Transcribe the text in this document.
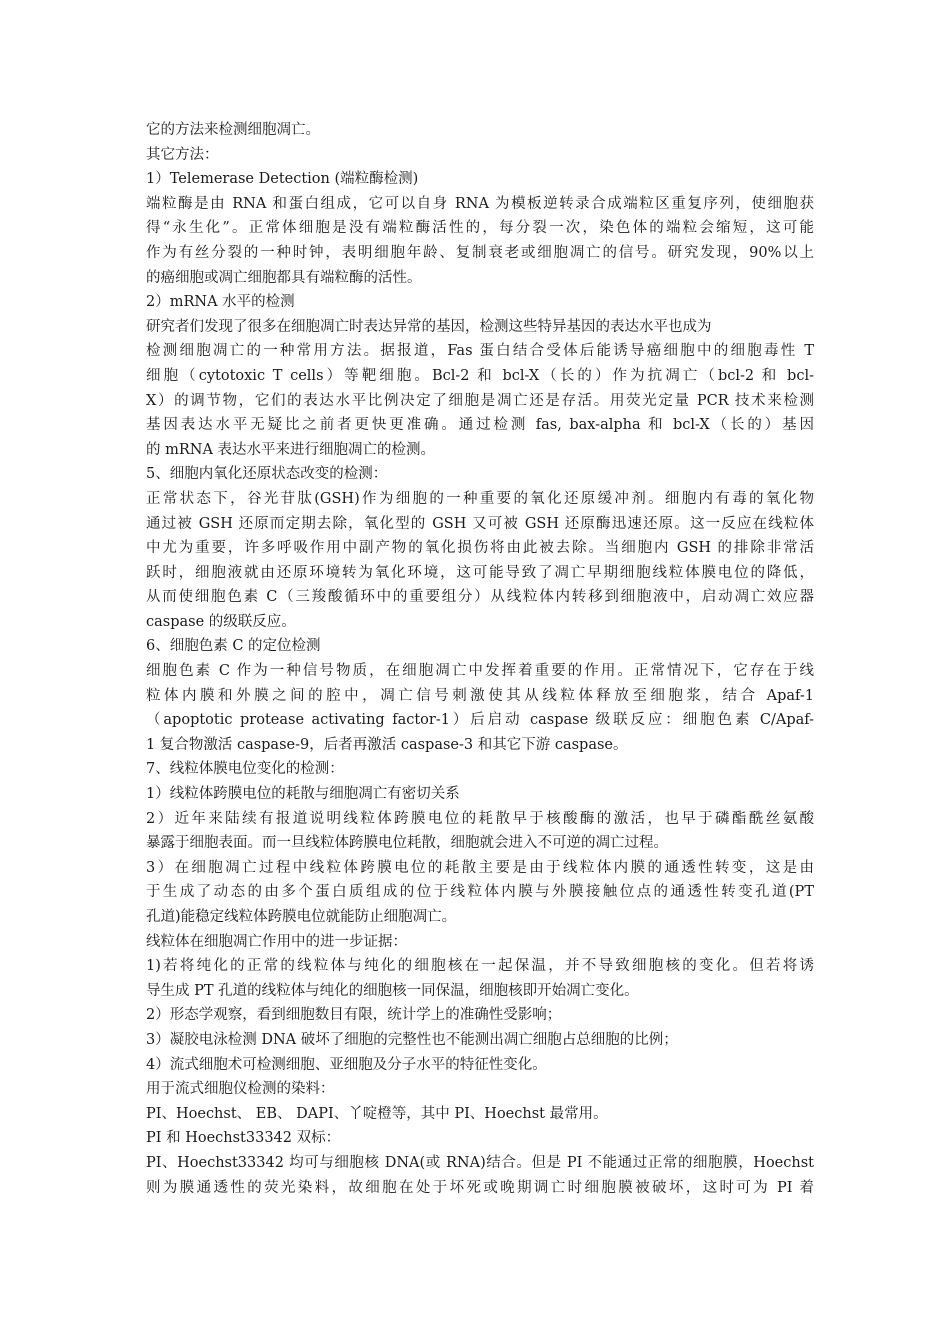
它的方法来检测细胞凋亡。
其它方法：
1）Telemerase Detection (端粒酶检测)
端粒酶是由 RNA 和蛋白组成，它可以自身 RNA 为模板逆转录合成端粒区重复序列，使细胞获
得“永生化”。正常体细胞是没有端粒酶活性的，每分裂一次，染色体的端粒会缩短，这可能
作为有丝分裂的一种时钟，表明细胞年龄、复制衰老或细胞凋亡的信号。研究发现，90%以上
的癌细胞或凋亡细胞都具有端粒酶的活性。
2）mRNA 水平的检测
研究者们发现了很多在细胞凋亡时表达异常的基因，检测这些特异基因的表达水平也成为
检测细胞凋亡的一种常用方法。据报道，Fas 蛋白结合受体后能诱导癌细胞中的细胞毒性 T
细胞（cytotoxic T cells）等靶细胞。Bcl-2 和 bcl-X（长的）作为抗凋亡（bcl-2 和 bcl-
X）的调节物，它们的表达水平比例决定了细胞是凋亡还是存活。用荧光定量 PCR 技术来检测
基因表达水平无疑比之前者更快更准确。通过检测 fas, bax-alpha 和 bcl-X（长的）基因
的 mRNA 表达水平来进行细胞凋亡的检测。
5、细胞内氧化还原状态改变的检测：
正常状态下，谷光苷肽(GSH)作为细胞的一种重要的氧化还原缓冲剂。细胞内有毒的氧化物
通过被 GSH 还原而定期去除，氧化型的 GSH 又可被 GSH 还原酶迅速还原。这一反应在线粒体
中尤为重要，许多呼吸作用中副产物的氧化损伤将由此被去除。当细胞内 GSH 的排除非常活
跃时，细胞液就由还原环境转为氧化环境，这可能导致了凋亡早期细胞线粒体膜电位的降低，
从而使细胞色素 C（三羧酸循环中的重要组分）从线粒体内转移到细胞液中，启动凋亡效应器
caspase 的级联反应。
6、细胞色素 C 的定位检测
细胞色素 C 作为一种信号物质，在细胞凋亡中发挥着重要的作用。正常情况下，它存在于线
粒体内膜和外膜之间的腔中，凋亡信号刺激使其从线粒体释放至细胞浆，结合 Apaf-1
（apoptotic protease activating factor-1）后启动 caspase 级联反应：细胞色素 C/Apaf-
1 复合物激活 caspase-9，后者再激活 caspase-3 和其它下游 caspase。
7、线粒体膜电位变化的检测：
1）线粒体跨膜电位的耗散与细胞凋亡有密切关系
2）近年来陆续有报道说明线粒体跨膜电位的耗散早于核酸酶的激活，也早于磷酯酰丝氨酸
暴露于细胞表面。而一旦线粒体跨膜电位耗散，细胞就会进入不可逆的凋亡过程。
3）在细胞凋亡过程中线粒体跨膜电位的耗散主要是由于线粒体内膜的通透性转变，这是由
于生成了动态的由多个蛋白质组成的位于线粒体内膜与外膜接触位点的通透性转变孔道(PT
孔道)能稳定线粒体跨膜电位就能防止细胞凋亡。
线粒体在细胞凋亡作用中的进一步证据：
1)若将纯化的正常的线粒体与纯化的细胞核在一起保温，并不导致细胞核的变化。但若将诱
导生成 PT 孔道的线粒体与纯化的细胞核一同保温，细胞核即开始凋亡变化。
2）形态学观察，看到细胞数目有限，统计学上的准确性受影响；
3）凝胶电泳检测 DNA 破坏了细胞的完整性也不能测出凋亡细胞占总细胞的比例；
4）流式细胞术可检测细胞、亚细胞及分子水平的特征性变化。
用于流式细胞仪检测的染料：
PI、Hoechst、 EB、 DAPI、丫啶橙等，其中 PI、Hoechst 最常用。
PI 和 Hoechst33342 双标：
PI、Hoechst33342 均可与细胞核 DNA(或 RNA)结合。但是 PI 不能通过正常的细胞膜，Hoechst
则为膜通透性的荧光染料，故细胞在处于坏死或晚期调亡时细胞膜被破坏，这时可为 PI 着
